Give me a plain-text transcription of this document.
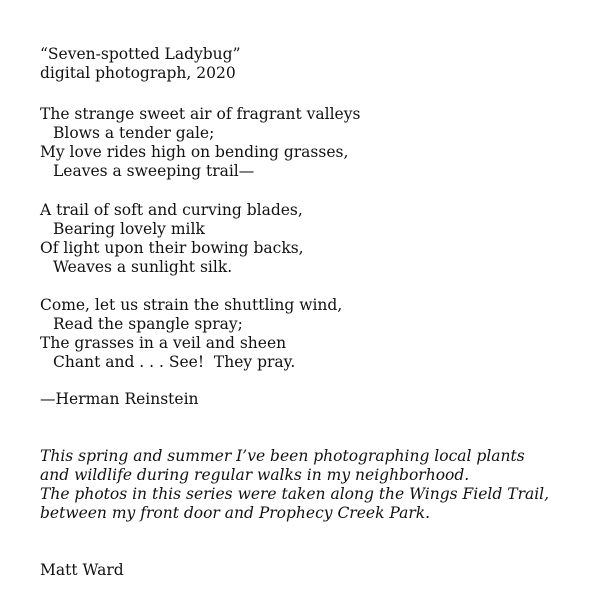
“Seven-spotted Ladybug”
digital photograph, 2020
The strange sweet air of fragrant valleys
Blows a tender gale;
My love rides high on bending grasses,
Leaves a sweeping trail—
A trail of soft and curving blades,
Bearing lovely milk
Of light upon their bowing backs,
Weaves a sunlight silk.
Come, let us strain the shuttling wind,
Read the spangle spray;
The grasses in a veil and sheen
Chant and . . . See!  They pray.
—Herman Reinstein
This spring and summer I’ve been photographing local plants
and wildlife during regular walks in my neighborhood.
The photos in this series were taken along the Wings Field Trail,
between my front door and Prophecy Creek Park.
Matt Ward
